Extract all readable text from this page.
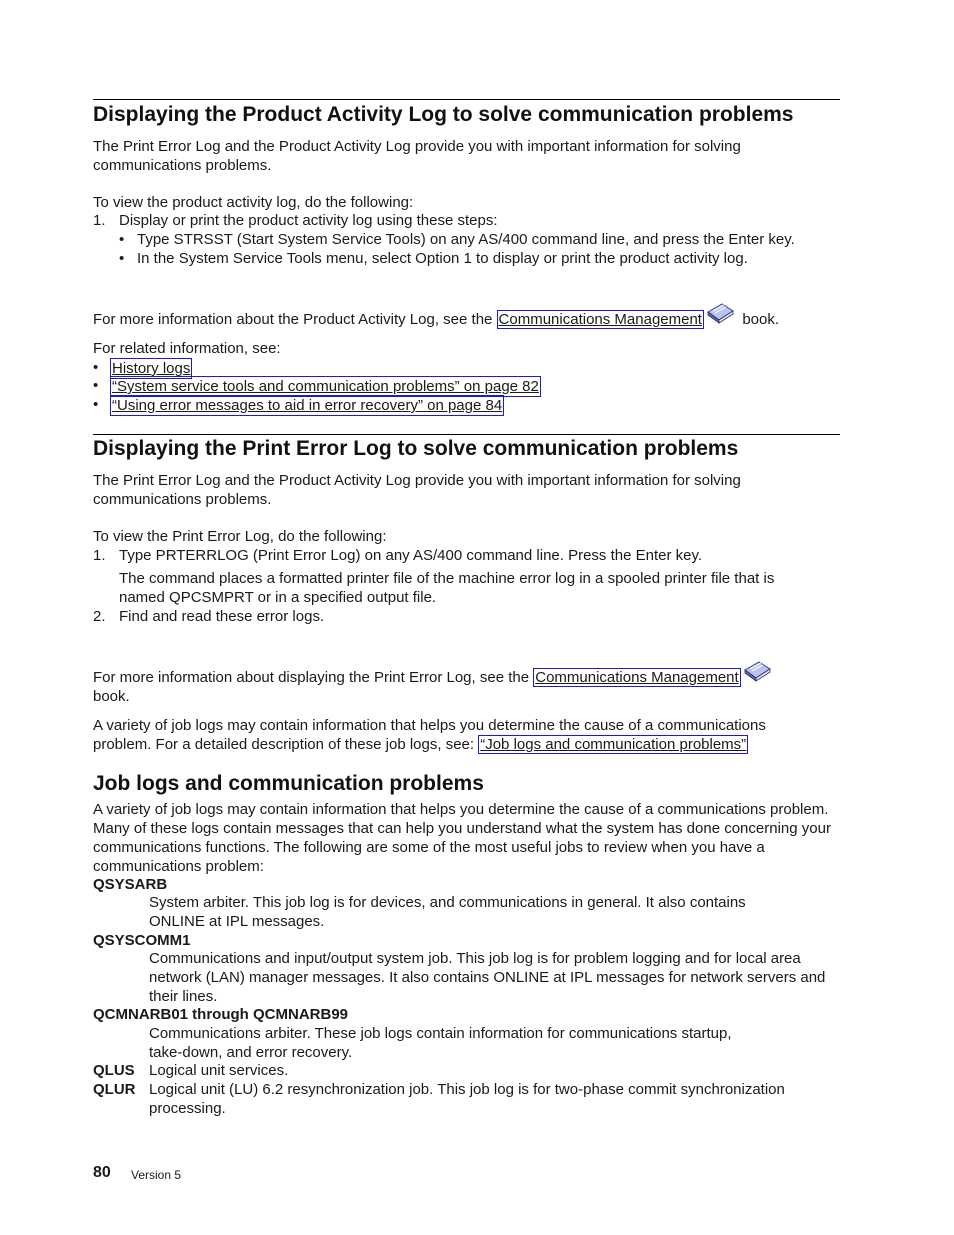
Displaying the Product Activity Log to solve communication problems

The Print Error Log and the Product Activity Log provide you with important information for solving communications problems.

To view the product activity log, do the following:

1. Display or print the product activity log using these steps:
• Type STRSST (Start System Service Tools) on any AS/400 command line, and press the Enter key.
• In the System Service Tools menu, select Option 1 to display or print the product activity log.

For more information about the Product Activity Log, see the Communications Management	book.

For related information, see:

• History logs
• “System service tools and communication problems” on page 82
• “Using error messages to aid in error recovery” on page 84
Displaying the Print Error Log to solve communication problems

The Print Error Log and the Product Activity Log provide you with important information for solving communications problems.

To view the Print Error Log, do the following:

1. Type PRTERRLOG (Print Error Log) on any AS/400 command line. Press the Enter key.

The command places a formatted printer file of the machine error log in a spooled printer file that is named QPCSMPRT or in a specified output file.

2. Find and read these error logs.

For more information about displaying the Print Error Log, see the Communications Management
book.

A variety of job logs may contain information that helps you determine the cause of a communications problem. For a detailed description of these job logs, see: “Job logs and communication problems”

Job logs and communication problems

A variety of job logs may contain information that helps you determine the cause of a communications problem. Many of these logs contain messages that can help you understand what the system has done concerning your communications functions. The following are some of the most useful jobs to review when you have a communications problem:

QSYSARB

System arbiter. This job log is for devices, and communications in general. It also contains ONLINE at IPL messages.

QSYSCOMM1

Communications and input/output system job. This job log is for problem logging and for local area network (LAN) manager messages. It also contains ONLINE at IPL messages for network servers and their lines.

QCMNARB01 through QCMNARB99

Communications arbiter. These job logs contain information for communications startup, take-down, and error recovery.

QLUS Logical unit services.

QLUR Logical unit (LU) 6.2 resynchronization job. This job log is for two-phase commit synchronization processing.

80 Version 5
